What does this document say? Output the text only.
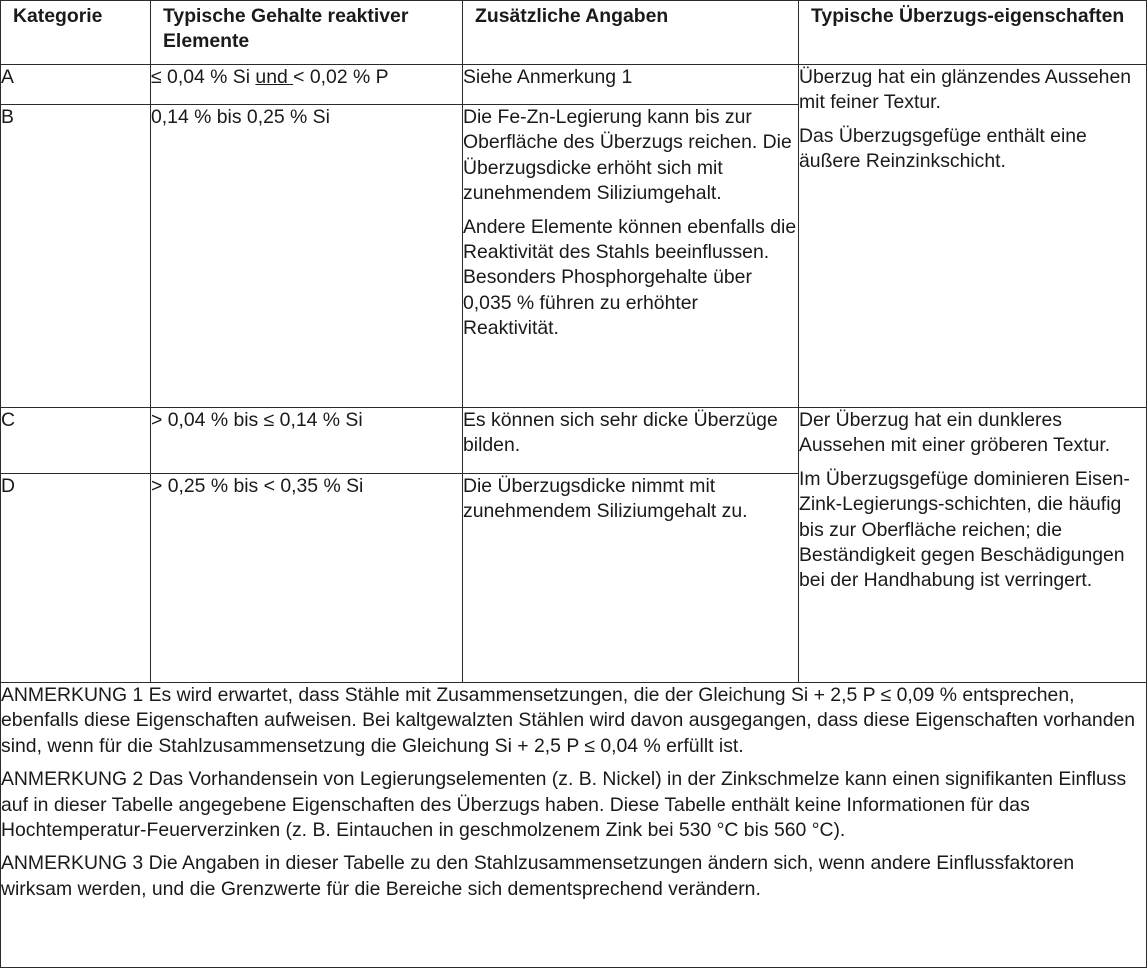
Kategorie	Typische Gehalte reaktiver Elemente	Zusätzliche Angaben	Typische Überzugs-eigenschaften
A	≤ 0,04 % Si und < 0,02 % P	Siehe Anmerkung 1	Überzug hat ein glänzendes Aussehen mit feiner Textur.
Das Überzugsgefüge enthält eine äußere Reinzinkschicht.

B	0,14 % bis 0,25 % Si	Die Fe-Zn-Legierung kann bis zur Oberfläche des Überzugs reichen. Die Überzugsdicke erhöht sich mit zunehmendem Siliziumgehalt.
Andere Elemente können ebenfalls die Reaktivität des Stahls beeinflussen. Besonders Phosphorgehalte über 0,035 % führen zu erhöhter Reaktivität.	

C	> 0,04 % bis ≤ 0,14 % Si	Es können sich sehr dicke Überzüge bilden.	Der Überzug hat ein dunkleres Aussehen mit einer gröberen Textur.
Im Überzugsgefüge dominieren Eisen-Zink-Legierungs-schichten, die häufig bis zur Oberfläche reichen; die Beständigkeit gegen Beschädigungen bei der Handhabung ist verringert.

D	> 0,25 % bis < 0,35 % Si	Die Überzugsdicke nimmt mit zunehmendem Siliziumgehalt zu.	

ANMERKUNG 1 Es wird erwartet, dass Stähle mit Zusammensetzungen, die der Gleichung Si + 2,5 P ≤ 0,09 % entsprechen, ebenfalls diese Eigenschaften aufweisen. Bei kaltgewalzten Stählen wird davon ausgegangen, dass diese Eigenschaften vorhanden sind, wenn für die Stahlzusammensetzung die Gleichung Si + 2,5 P ≤ 0,04 % erfüllt ist.
ANMERKUNG 2 Das Vorhandensein von Legierungselementen (z. B. Nickel) in der Zinkschmelze kann einen signifikanten Einfluss auf in dieser Tabelle angegebene Eigenschaften des Überzugs haben. Diese Tabelle enthält keine Informationen für das Hochtemperatur-Feuerverzinken (z. B. Eintauchen in geschmolzenem Zink bei 530 °C bis 560 °C).
ANMERKUNG 3 Die Angaben in dieser Tabelle zu den Stahlzusammensetzungen ändern sich, wenn andere Einflussfaktoren wirksam werden, und die Grenzwerte für die Bereiche sich dementsprechend verändern.			
